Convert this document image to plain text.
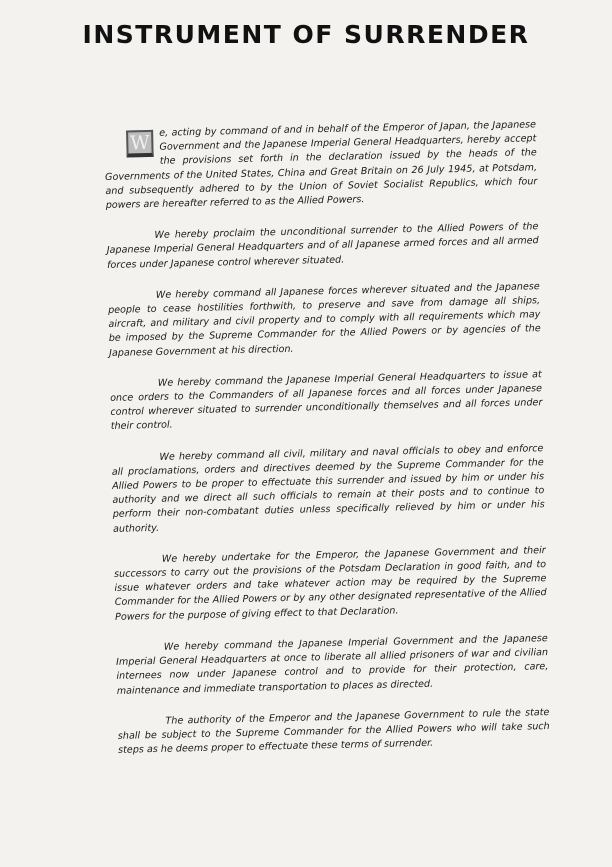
INSTRUMENT OF SURRENDER

W
e, acting by command of and in behalf of the Emperor of Japan, the Japanese Government and the Japanese Imperial General Headquarters, hereby accept the provisions set forth in the declaration issued by the heads of the Governments of the United States, China and Great Britain on 26 July 1945, at Potsdam, and subsequently adhered to by the Union of Soviet Socialist Republics, which four powers are hereafter referred to as the Allied Powers.

We hereby proclaim the unconditional surrender to the Allied Powers of the Japanese Imperial General Headquarters and of all Japanese armed forces and all armed forces under Japanese control wherever situated.

We hereby command all Japanese forces wherever situated and the Japanese people to cease hostilities forthwith, to preserve and save from damage all ships, aircraft, and military and civil property and to comply with all requirements which may be imposed by the Supreme Commander for the Allied Powers or by agencies of the Japanese Government at his direction.

We hereby command the Japanese Imperial General Headquarters to issue at once orders to the Commanders of all Japanese forces and all forces under Japanese control wherever situated to surrender unconditionally themselves and all forces under their control.

We hereby command all civil, military and naval officials to obey and enforce all proclamations, orders and directives deemed by the Supreme Commander for the Allied Powers to be proper to effectuate this surrender and issued by him or under his authority and we direct all such officials to remain at their posts and to continue to perform their non-combatant duties unless specifically relieved by him or under his authority.

We hereby undertake for the Emperor, the Japanese Government and their successors to carry out the provisions of the Potsdam Declaration in good faith, and to issue whatever orders and take whatever action may be required by the Supreme Commander for the Allied Powers or by any other designated representative of the Allied Powers for the purpose of giving effect to that Declaration.

We hereby command the Japanese Imperial Government and the Japanese Imperial General Headquarters at once to liberate all allied prisoners of war and civilian internees now under Japanese control and to provide for their protection, care, maintenance and immediate transportation to places as directed.

The authority of the Emperor and the Japanese Government to rule the state shall be subject to the Supreme Commander for the Allied Powers who will take such steps as he deems proper to effectuate these terms of surrender.
